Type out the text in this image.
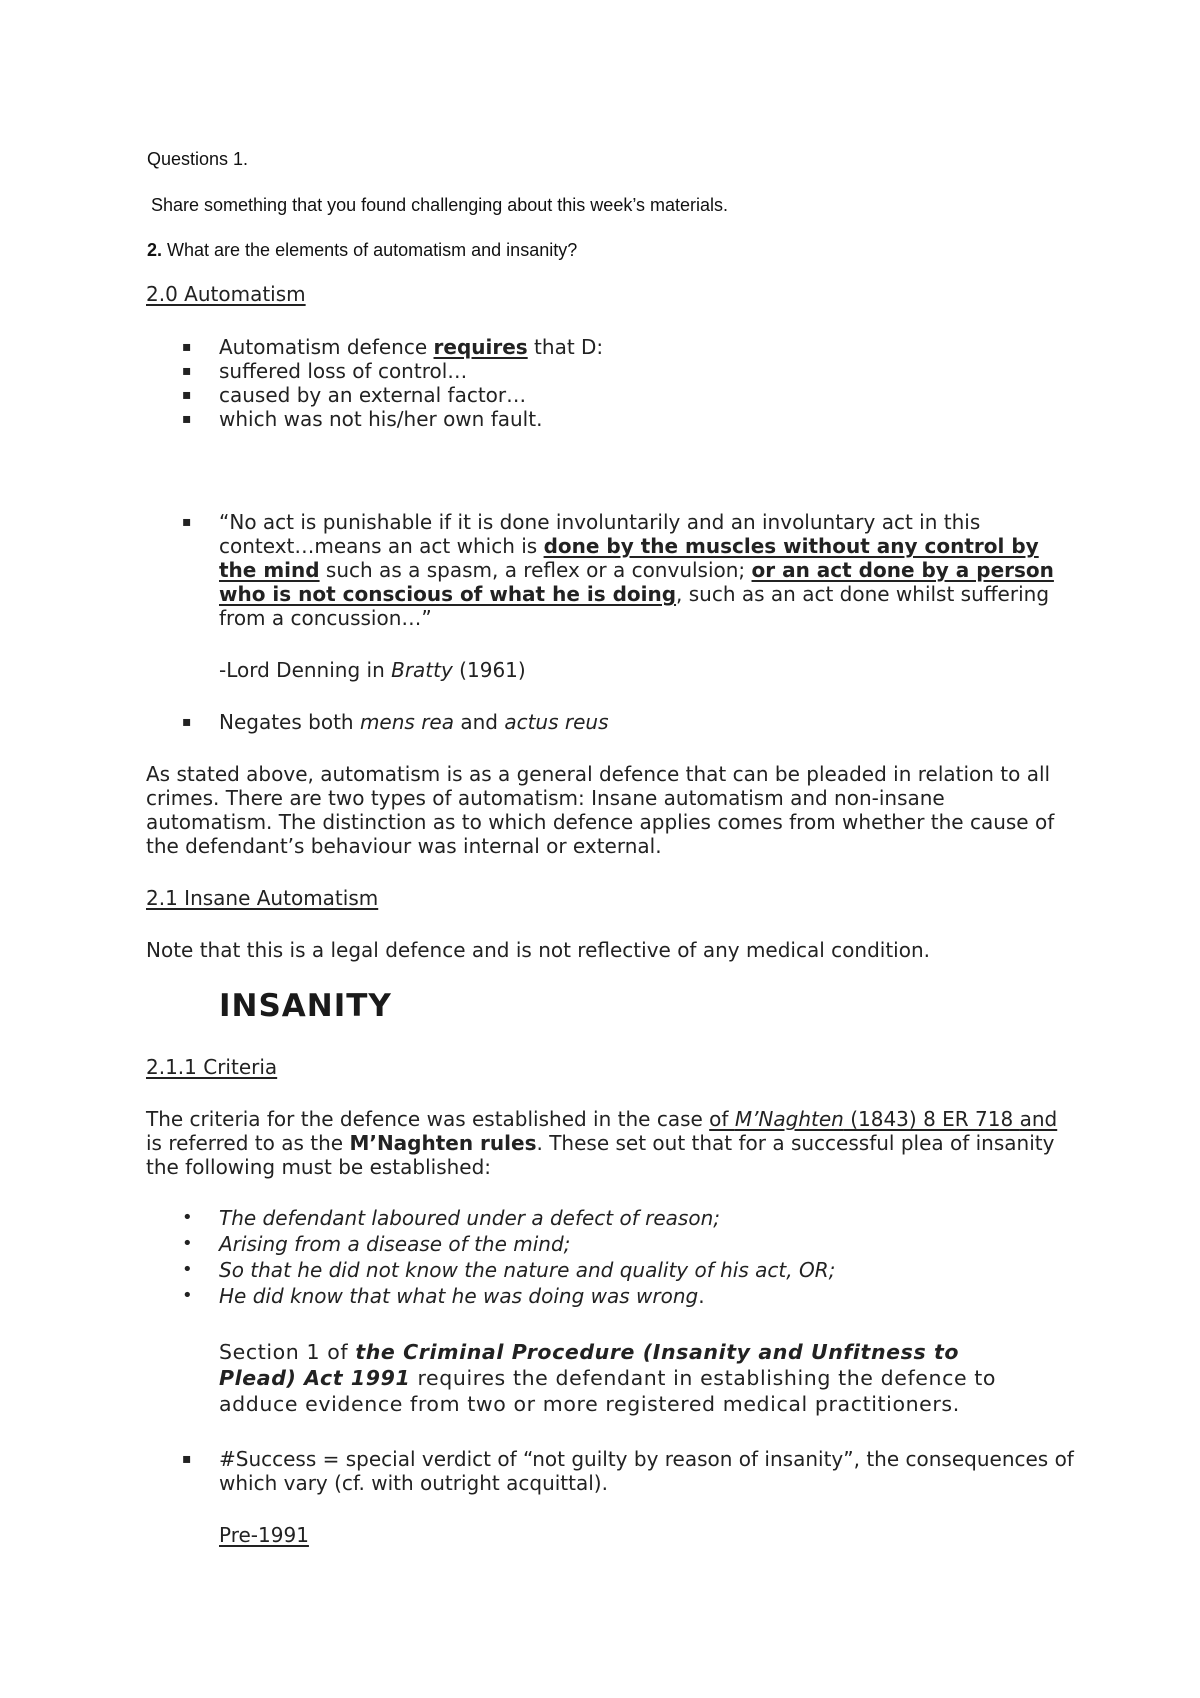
Questions 1.
Share something that you found challenging about this week’s materials.
2. What are the elements of automatism and insanity?
2.0 Automatism
▪ Automatism defence requires that D:
▪ suffered loss of control…
▪ caused by an external factor…
▪ which was not his/her own fault.
▪ “No act is punishable if it is done involuntarily and an involuntary act in this context…means an act which is done by the muscles without any control by the mind such as a spasm, a reflex or a convulsion; or an act done by a person who is not conscious of what he is doing, such as an act done whilst suffering from a concussion…”
-Lord Denning in Bratty (1961)
▪ Negates both mens rea and actus reus

As stated above, automatism is as a general defence that can be pleaded in relation to all crimes. There are two types of automatism: Insane automatism and non-insane automatism. The distinction as to which defence applies comes from whether the cause of the defendant’s behaviour was internal or external.

2.1 Insane Automatism

Note that this is a legal defence and is not reflective of any medical condition.

INSANITY
2.1.1 Criteria

The criteria for the defence was established in the case of M’Naghten (1843) 8 ER 718 and is referred to as the M’Naghten rules. These set out that for a successful plea of insanity the following must be established:

• The defendant laboured under a defect of reason;
• Arising from a disease of the mind;
• So that he did not know the nature and quality of his act, OR;
• He did know that what he was doing was wrong.

Section 1 of the Criminal Procedure (Insanity and Unfitness to Plead) Act 1991 requires the defendant in establishing the defence to adduce evidence from two or more registered medical practitioners.

▪ #Success = special verdict of “not guilty by reason of insanity”, the consequences of which vary (cf. with outright acquittal).
Pre-1991
